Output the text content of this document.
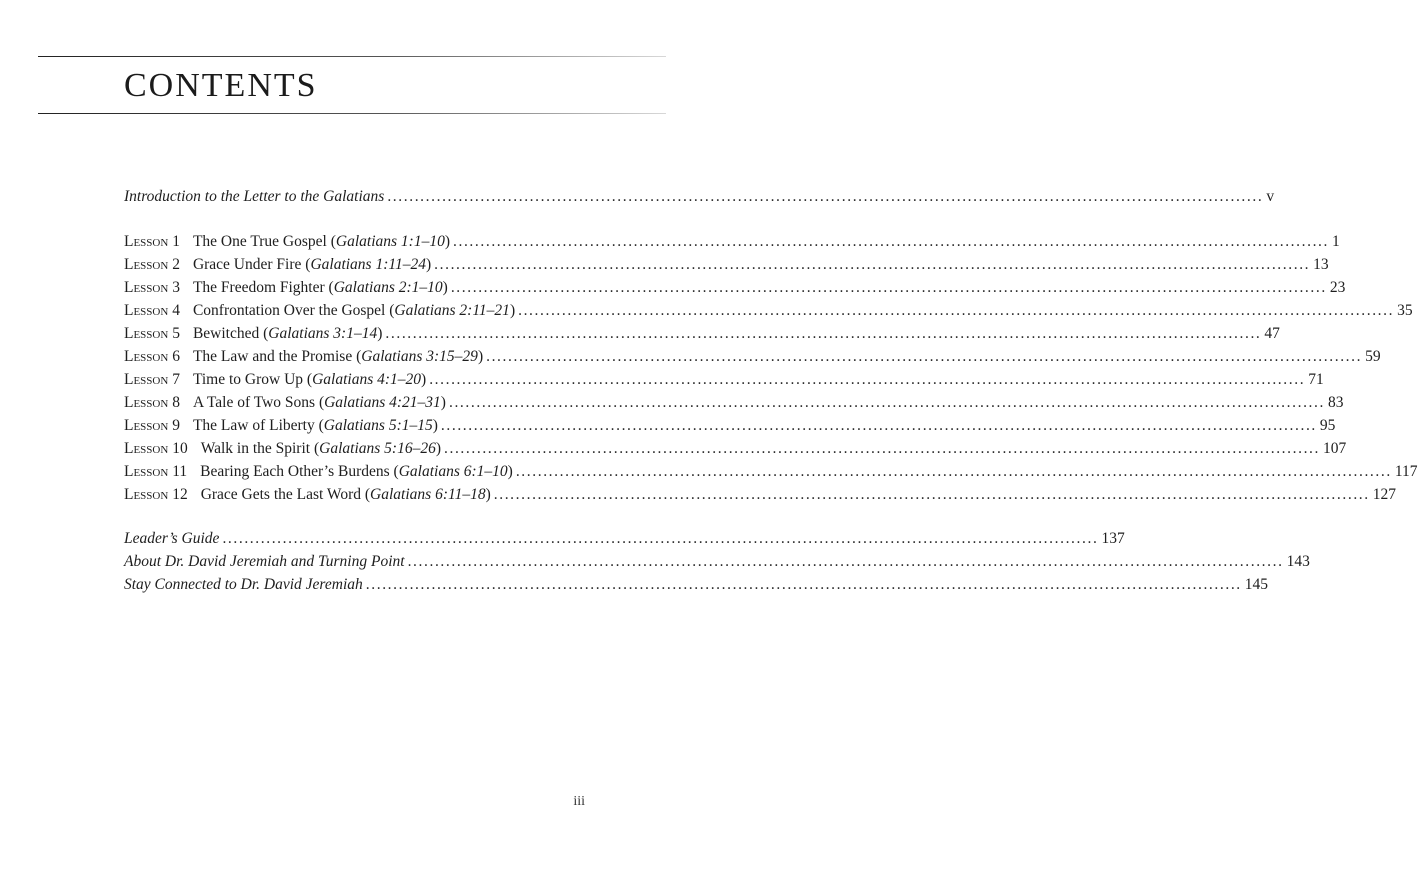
CONTENTS
Introduction to the Letter to the Galatians ................................................................................................................................................................ v
Lesson 1 The One True Gospel (Galatians 1:1–10) ................................................................................................................................................................ 1
Lesson 2 Grace Under Fire (Galatians 1:11–24) ................................................................................................................................................................ 13
Lesson 3 The Freedom Fighter (Galatians 2:1–10) ................................................................................................................................................................ 23
Lesson 4 Confrontation Over the Gospel (Galatians 2:11–21) ................................................................................................................................................................ 35
Lesson 5 Bewitched (Galatians 3:1–14) ................................................................................................................................................................ 47
Lesson 6 The Law and the Promise (Galatians 3:15–29) ................................................................................................................................................................ 59
Lesson 7 Time to Grow Up (Galatians 4:1–20) ................................................................................................................................................................ 71
Lesson 8 A Tale of Two Sons (Galatians 4:21–31) ................................................................................................................................................................ 83
Lesson 9 The Law of Liberty (Galatians 5:1–15) ................................................................................................................................................................ 95
Lesson 10 Walk in the Spirit (Galatians 5:16–26) ................................................................................................................................................................ 107
Lesson 11 Bearing Each Other’s Burdens (Galatians 6:1–10) ................................................................................................................................................................ 117
Lesson 12 Grace Gets the Last Word (Galatians 6:11–18) ................................................................................................................................................................ 127
Leader’s Guide ................................................................................................................................................................ 137
About Dr. David Jeremiah and Turning Point ................................................................................................................................................................ 143
Stay Connected to Dr. David Jeremiah ................................................................................................................................................................ 145
iii
